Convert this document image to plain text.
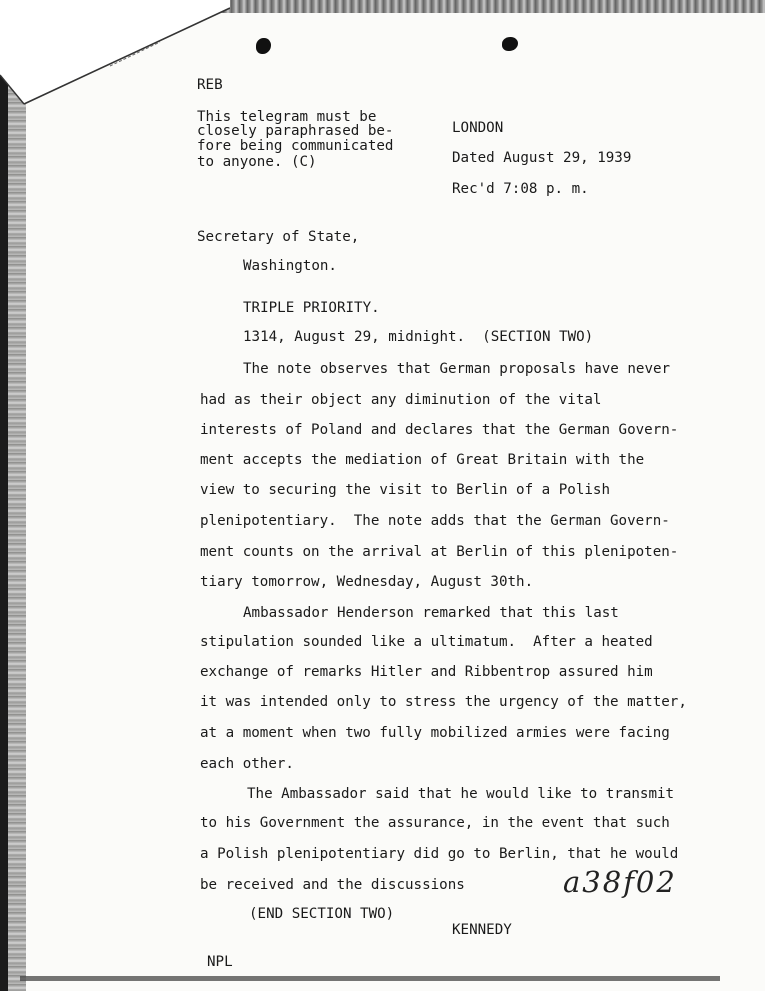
REB
This telegram must be
closely paraphrased be-
fore being communicated
to anyone. (C)
LONDON
Dated August 29, 1939
Rec'd 7:08 p. m.
Secretary of State,
Washington.
TRIPLE PRIORITY.
1314, August 29, midnight.  (SECTION TWO)
The note observes that German proposals have never
had as their object any diminution of the vital
interests of Poland and declares that the German Govern-
ment accepts the mediation of Great Britain with the
view to securing the visit to Berlin of a Polish
plenipotentiary.  The note adds that the German Govern-
ment counts on the arrival at Berlin of this plenipoten-
tiary tomorrow, Wednesday, August 30th.
Ambassador Henderson remarked that this last
stipulation sounded like a ultimatum.  After a heated
exchange of remarks Hitler and Ribbentrop assured him
it was intended only to stress the urgency of the matter,
at a moment when two fully mobilized armies were facing
each other.
The Ambassador said that he would like to transmit
to his Government the assurance, in the event that such
a Polish plenipotentiary did go to Berlin, that he would
be received and the discussions	a38f02
(END SECTION TWO)
KENNEDY
NPL
